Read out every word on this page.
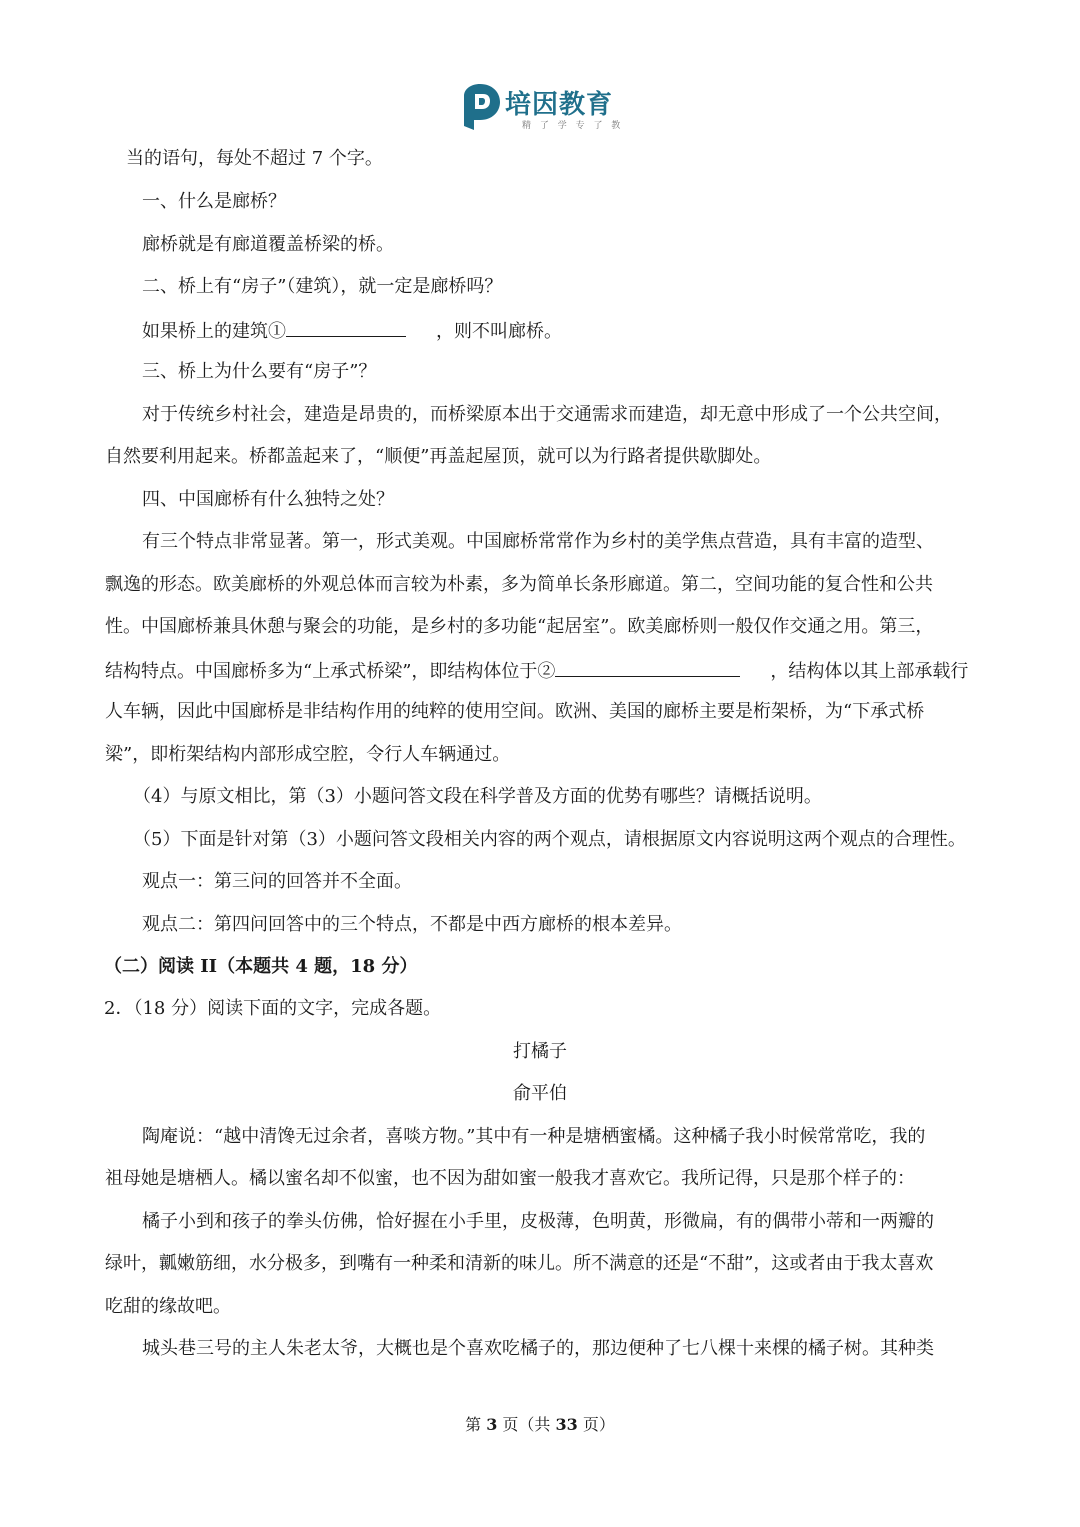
培因教育
精 了 学 专 了 教
当的语句，每处不超过 7 个字。
一、什么是廊桥？
廊桥就是有廊道覆盖桥梁的桥。
二、桥上有“房子”（建筑），就一定是廊桥吗？
如果桥上的建筑①	，则不叫廊桥。
三、桥上为什么要有“房子”？
对于传统乡村社会，建造是昂贵的，而桥梁原本出于交通需求而建造，却无意中形成了一个公共空间，
自然要利用起来。桥都盖起来了，“顺便”再盖起屋顶，就可以为行路者提供歇脚处。
四、中国廊桥有什么独特之处？
有三个特点非常显著。第一，形式美观。中国廊桥常常作为乡村的美学焦点营造，具有丰富的造型、
飘逸的形态。欧美廊桥的外观总体而言较为朴素，多为简单长条形廊道。第二，空间功能的复合性和公共
性。中国廊桥兼具休憩与聚会的功能，是乡村的多功能“起居室”。欧美廊桥则一般仅作交通之用。第三，
结构特点。中国廊桥多为“上承式桥梁”，即结构体位于②	，结构体以其上部承载行
人车辆，因此中国廊桥是非结构作用的纯粹的使用空间。欧洲、美国的廊桥主要是桁架桥，为“下承式桥
梁”，即桁架结构内部形成空腔，令行人车辆通过。
（4）与原文相比，第（3）小题问答文段在科学普及方面的优势有哪些？请概括说明。
（5）下面是针对第（3）小题问答文段相关内容的两个观点，请根据原文内容说明这两个观点的合理性。
观点一：第三问的回答并不全面。
观点二：第四问回答中的三个特点，不都是中西方廊桥的根本差异。
（二）阅读 II（本题共 4 题，18 分）
2．（18 分）阅读下面的文字，完成各题。
打橘子
俞平伯
陶庵说：“越中清馋无过余者，喜啖方物。”其中有一种是塘栖蜜橘。这种橘子我小时候常常吃，我的
祖母她是塘栖人。橘以蜜名却不似蜜，也不因为甜如蜜一般我才喜欢它。我所记得，只是那个样子的：
橘子小到和孩子的拳头仿佛，恰好握在小手里，皮极薄，色明黄，形微扁，有的偶带小蒂和一两瓣的
绿叶，瓤嫩筋细，水分极多，到嘴有一种柔和清新的味儿。所不满意的还是“不甜”，这或者由于我太喜欢
吃甜的缘故吧。
城头巷三号的主人朱老太爷，大概也是个喜欢吃橘子的，那边便种了七八棵十来棵的橘子树。其种类
第 3 页（共 33 页）
